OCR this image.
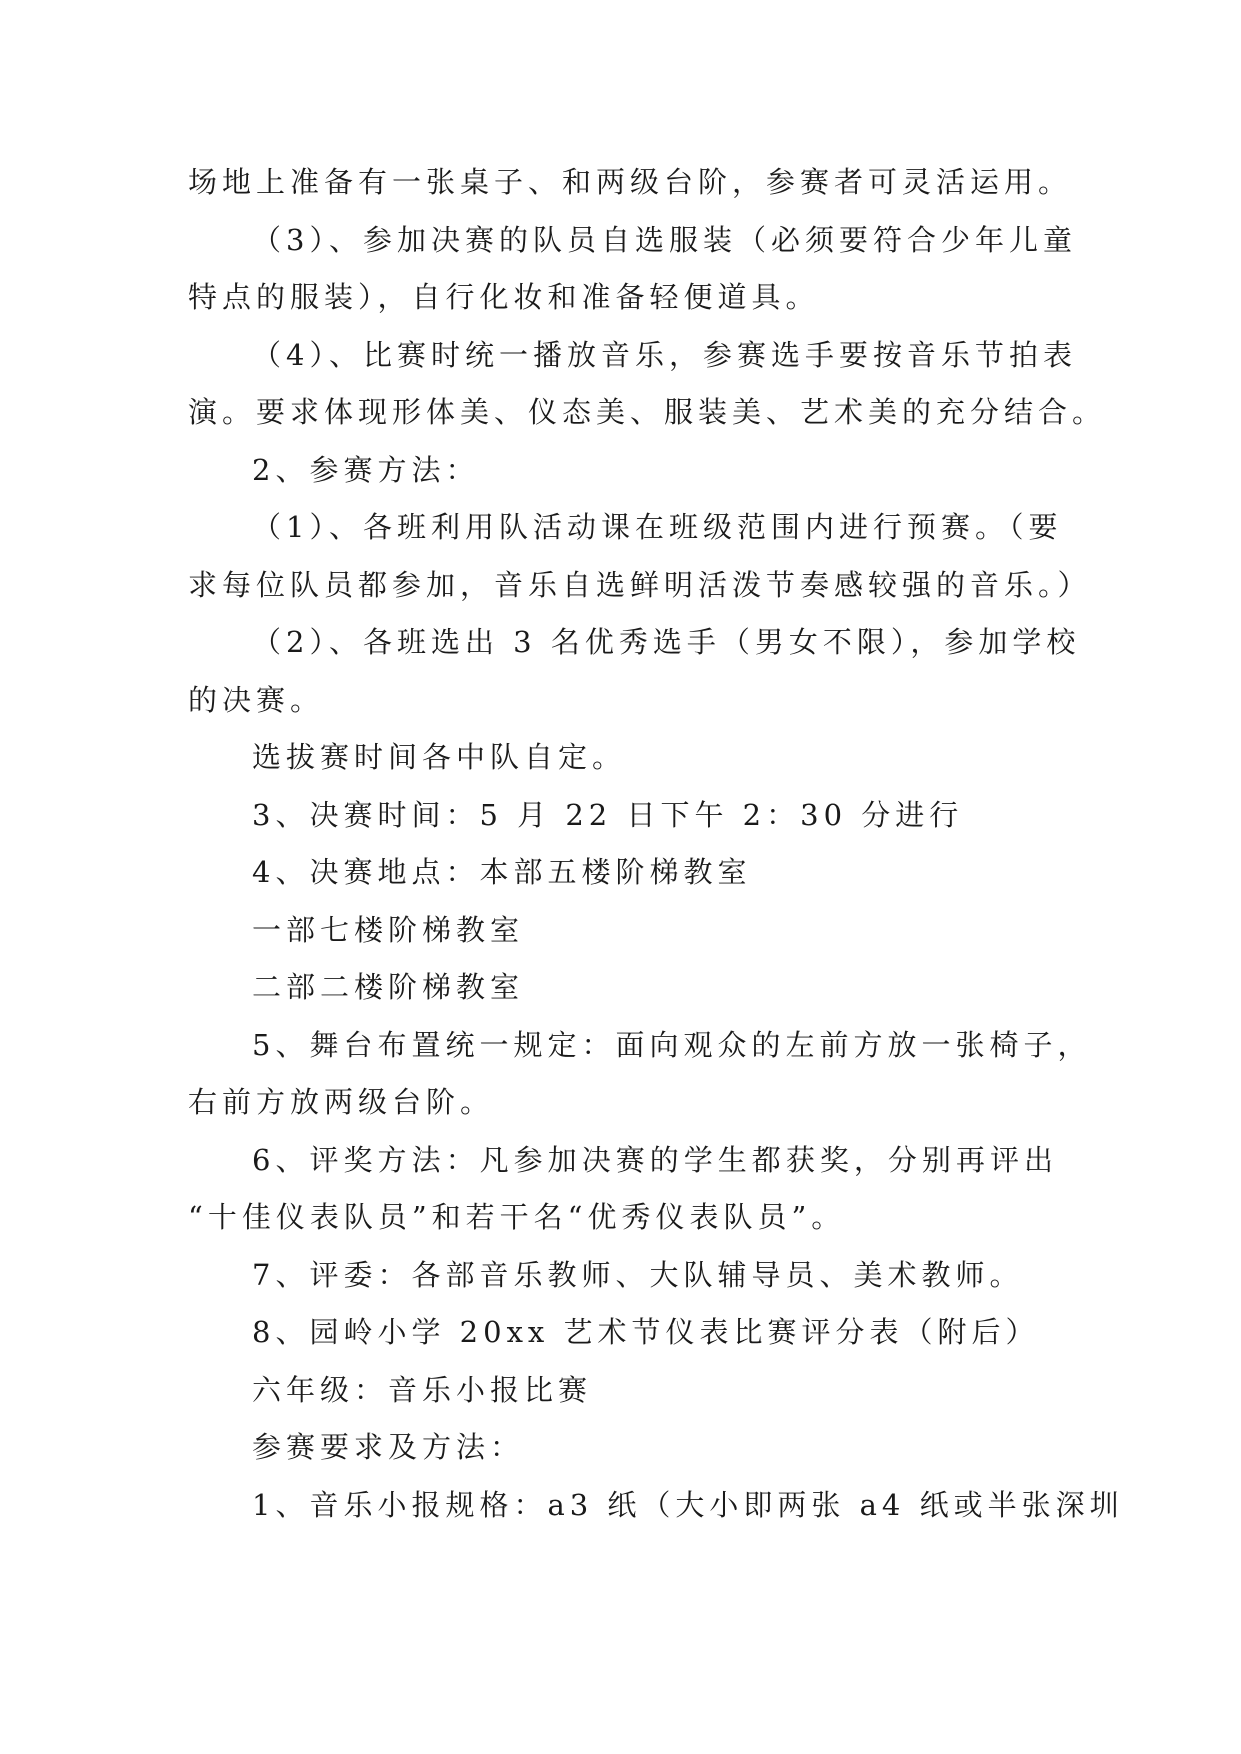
场地上准备有一张桌子、和两级台阶，参赛者可灵活运用。
（3）、参加决赛的队员自选服装（必须要符合少年儿童
特点的服装），自行化妆和准备轻便道具。
（4）、比赛时统一播放音乐，参赛选手要按音乐节拍表
演。要求体现形体美、仪态美、服装美、艺术美的充分结合。
2、参赛方法：
（1）、各班利用队活动课在班级范围内进行预赛。（要
求每位队员都参加，音乐自选鲜明活泼节奏感较强的音乐。）
（2）、各班选出 3 名优秀选手（男女不限），参加学校
的决赛。
选拔赛时间各中队自定。
3、决赛时间：5 月 22 日下午 2：30 分进行
4、决赛地点：本部五楼阶梯教室
一部七楼阶梯教室
二部二楼阶梯教室
5、舞台布置统一规定：面向观众的左前方放一张椅子，
右前方放两级台阶。
6、评奖方法：凡参加决赛的学生都获奖，分别再评出
“十佳仪表队员”和若干名“优秀仪表队员”。
7、评委：各部音乐教师、大队辅导员、美术教师。
8、园岭小学 20xx 艺术节仪表比赛评分表（附后）
六年级：音乐小报比赛
参赛要求及方法：
1、音乐小报规格：a3 纸（大小即两张 a4 纸或半张深圳
